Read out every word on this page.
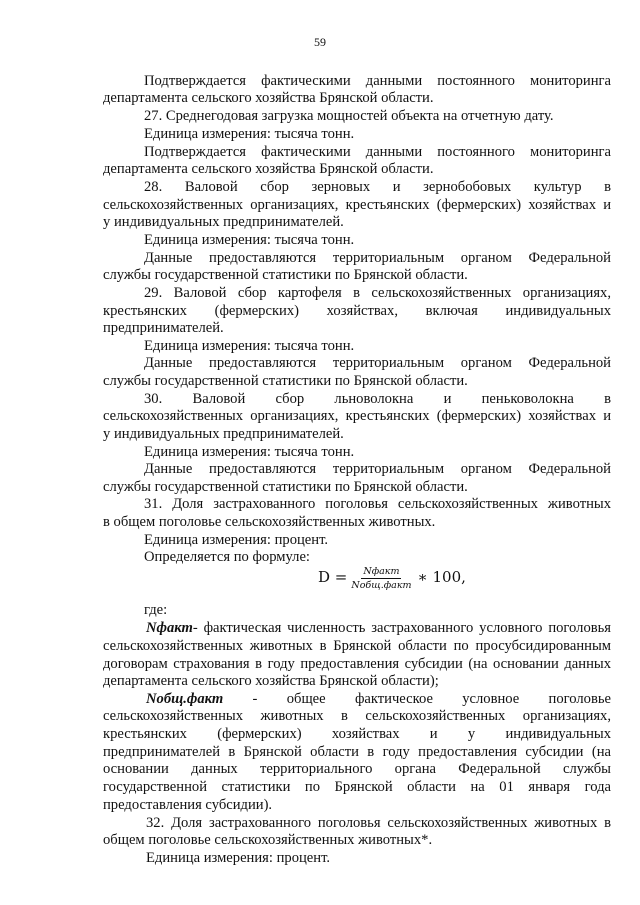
59
Подтверждается фактическими данными постоянного мониторинга
департамента сельского хозяйства Брянской области.
27. Среднегодовая загрузка мощностей объекта на отчетную дату.
Единица измерения: тысяча тонн.
Подтверждается фактическими данными постоянного мониторинга
департамента сельского хозяйства Брянской области.
28. Валовой сбор зерновых и зернобобовых культур в
сельскохозяйственных организациях, крестьянских (фермерских) хозяйствах и
у индивидуальных предпринимателей.
Единица измерения: тысяча тонн.
Данные предоставляются территориальным органом Федеральной
службы государственной статистики по Брянской области.
29. Валовой сбор картофеля в сельскохозяйственных организациях,
крестьянских (фермерских) хозяйствах, включая индивидуальных
предпринимателей.
Единица измерения: тысяча тонн.
Данные предоставляются территориальным органом Федеральной
службы государственной статистики по Брянской области.
30. Валовой сбор льноволокна и пеньковолокна в
сельскохозяйственных организациях, крестьянских (фермерских) хозяйствах и
у индивидуальных предпринимателей.
Единица измерения: тысяча тонн.
Данные предоставляются территориальным органом Федеральной
службы государственной статистики по Брянской области.
31. Доля застрахованного поголовья сельскохозяйственных животных
в общем поголовье сельскохозяйственных животных.
Единица измерения: процент.
Определяется по формуле:
где:
Nфакт- фактическая численность застрахованного условного поголовья
сельскохозяйственных животных в Брянской области по просубсидированным
договорам страхования в году предоставления субсидии (на основании данных
департамента сельского хозяйства Брянской области);
Nобщ.факт - общее фактическое условное поголовье
сельскохозяйственных животных в сельскохозяйственных организациях,
крестьянских (фермерских) хозяйствах и у индивидуальных
предпринимателей в Брянской области в году предоставления субсидии (на
основании данных территориального органа Федеральной службы
государственной статистики по Брянской области на 01 января года
предоставления субсидии).
32. Доля застрахованного поголовья сельскохозяйственных животных в
общем поголовье сельскохозяйственных животных*.
Единица измерения: процент.
$D = \frac{\text{Nфакт}}{\text{Nобщ.факт}}$ ∗ 100,
